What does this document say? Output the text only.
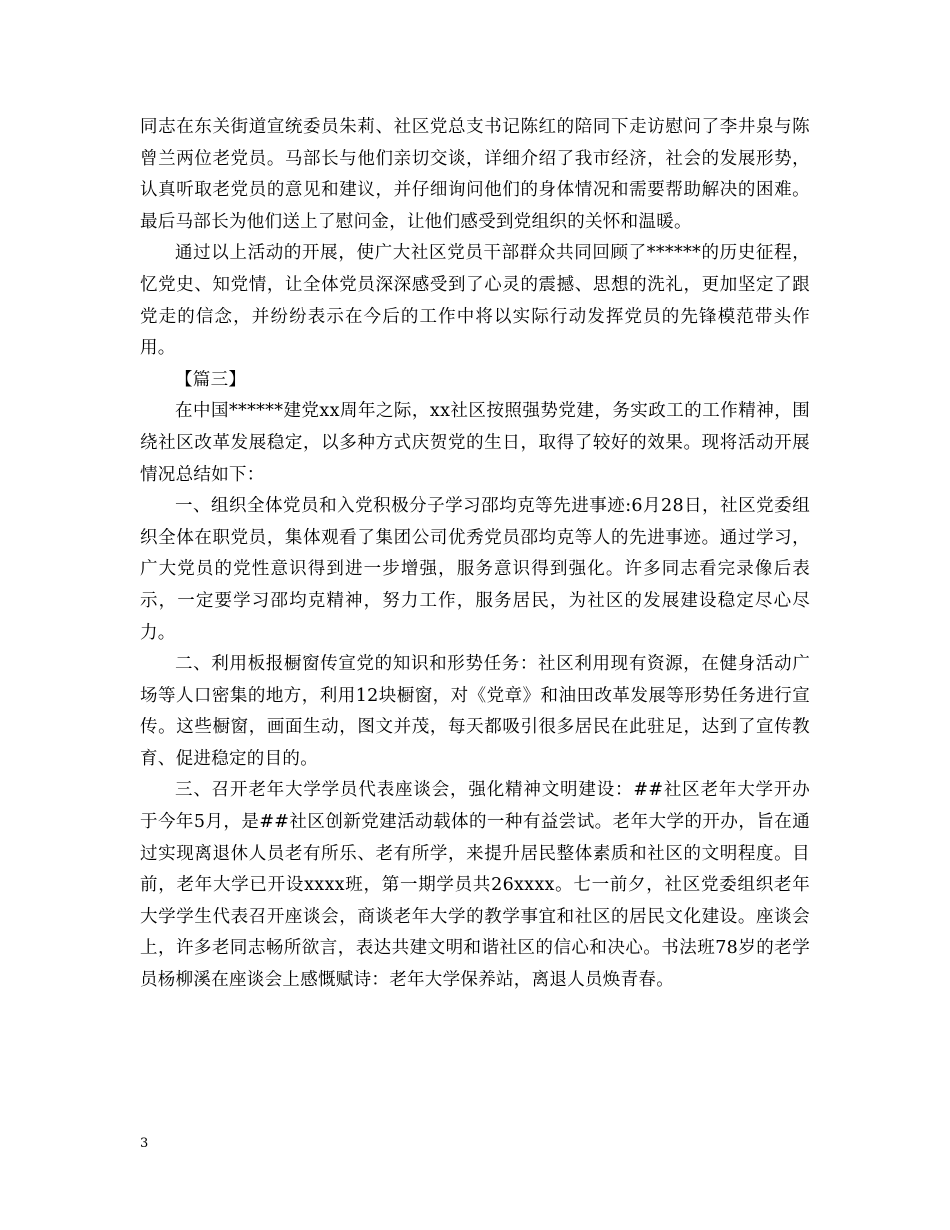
同志在东关街道宣统委员朱莉、社区党总支书记陈红的陪同下走访慰问了李井泉与陈曾兰两位老党员。马部长与他们亲切交谈，详细介绍了我市经济，社会的发展形势，认真听取老党员的意见和建议，并仔细询问他们的身体情况和需要帮助解决的困难。最后马部长为他们送上了慰问金，让他们感受到党组织的关怀和温暖。

通过以上活动的开展，使广大社区党员干部群众共同回顾了******的历史征程，忆党史、知党情，让全体党员深深感受到了心灵的震撼、思想的洗礼，更加坚定了跟党走的信念，并纷纷表示在今后的工作中将以实际行动发挥党员的先锋模范带头作用。

【篇三】

在中国******建党xx周年之际，xx社区按照强势党建，务实政工的工作精神，围绕社区改革发展稳定，以多种方式庆贺党的生日，取得了较好的效果。现将活动开展情况总结如下：

一、组织全体党员和入党积极分子学习邵均克等先进事迹:6月28日，社区党委组织全体在职党员，集体观看了集团公司优秀党员邵均克等人的先进事迹。通过学习，广大党员的党性意识得到进一步增强，服务意识得到强化。许多同志看完录像后表示，一定要学习邵均克精神，努力工作，服务居民，为社区的发展建设稳定尽心尽力。

二、利用板报橱窗传宣党的知识和形势任务：社区利用现有资源，在健身活动广场等人口密集的地方，利用12块橱窗，对《党章》和油田改革发展等形势任务进行宣传。这些橱窗，画面生动，图文并茂，每天都吸引很多居民在此驻足，达到了宣传教育、促进稳定的目的。

三、召开老年大学学员代表座谈会，强化精神文明建设：##社区老年大学开办于今年5月，是##社区创新党建活动载体的一种有益尝试。老年大学的开办，旨在通过实现离退休人员老有所乐、老有所学，来提升居民整体素质和社区的文明程度。目前，老年大学已开设xxxx班，第一期学员共26xxxx。七一前夕，社区党委组织老年大学学生代表召开座谈会，商谈老年大学的教学事宜和社区的居民文化建设。座谈会上，许多老同志畅所欲言，表达共建文明和谐社区的信心和决心。书法班78岁的老学员杨柳溪在座谈会上感慨赋诗：老年大学保养站，离退人员焕青春。

3
